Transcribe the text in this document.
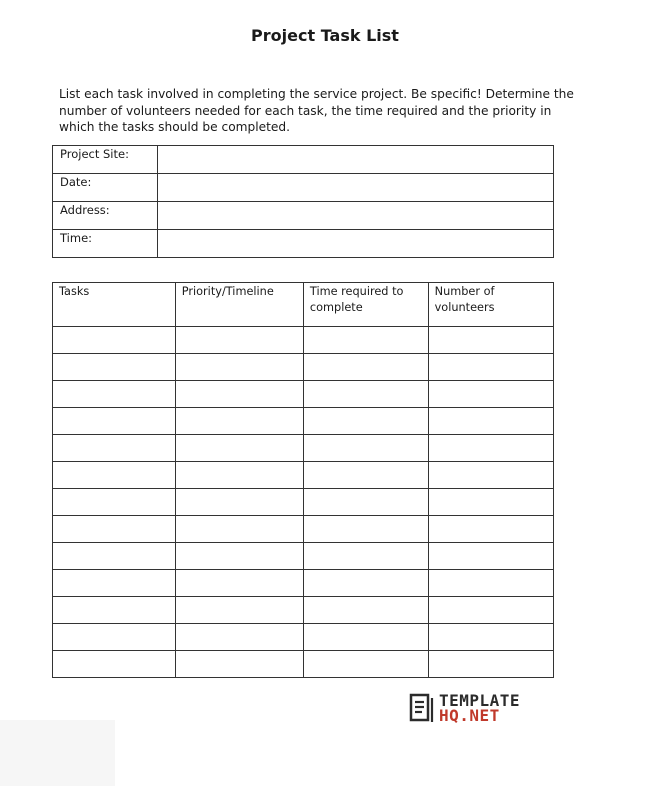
Project Task List
List each task involved in completing the service project. Be specific! Determine the number of volunteers needed for each task, the time required and the priority in which the tasks should be completed.
Project Site:	
Date:	
Address:	
Time:	
Tasks	Priority/Timeline	Time required to complete	Number of volunteers

TEMPLATE
HQ.NET
